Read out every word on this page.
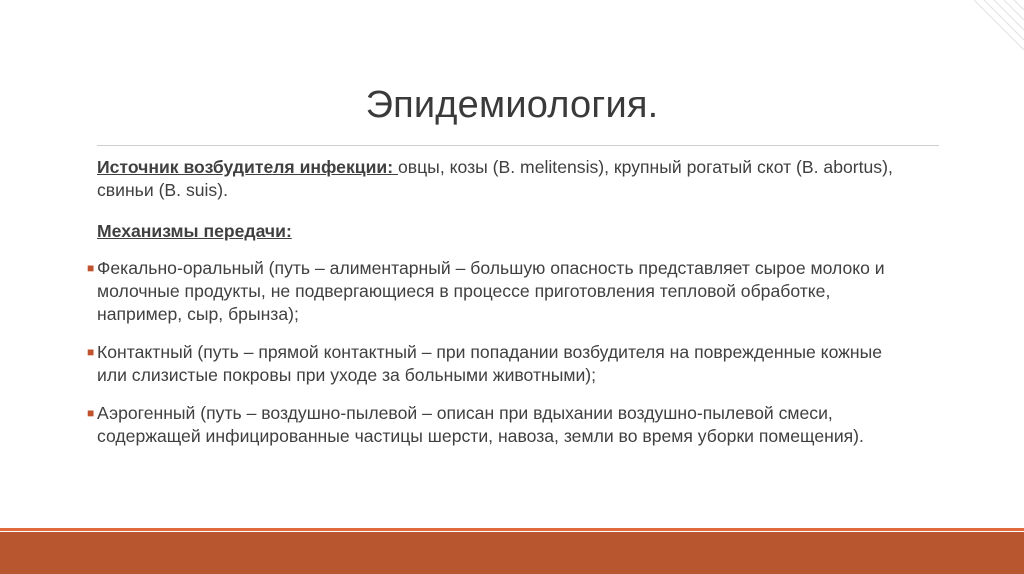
Эпидемиология.

Источник возбудителя инфекции: овцы, козы (B. melitensis), крупный рогатый скот (B. abortus), свиньи (B. suis).

Механизмы передачи:

■ Фекально-оральный (путь – алиментарный – большую опасность представляет сырое молоко и молочные продукты, не подвергающиеся в процессе приготовления тепловой обработке, например, сыр, брынза);
■ Контактный (путь – прямой контактный – при попадании возбудителя на поврежденные кожные или слизистые покровы при уходе за больными животными);
■ Аэрогенный (путь – воздушно-пылевой – описан при вдыхании воздушно-пылевой смеси, содержащей инфицированные частицы шерсти, навоза, земли во время уборки помещения).
